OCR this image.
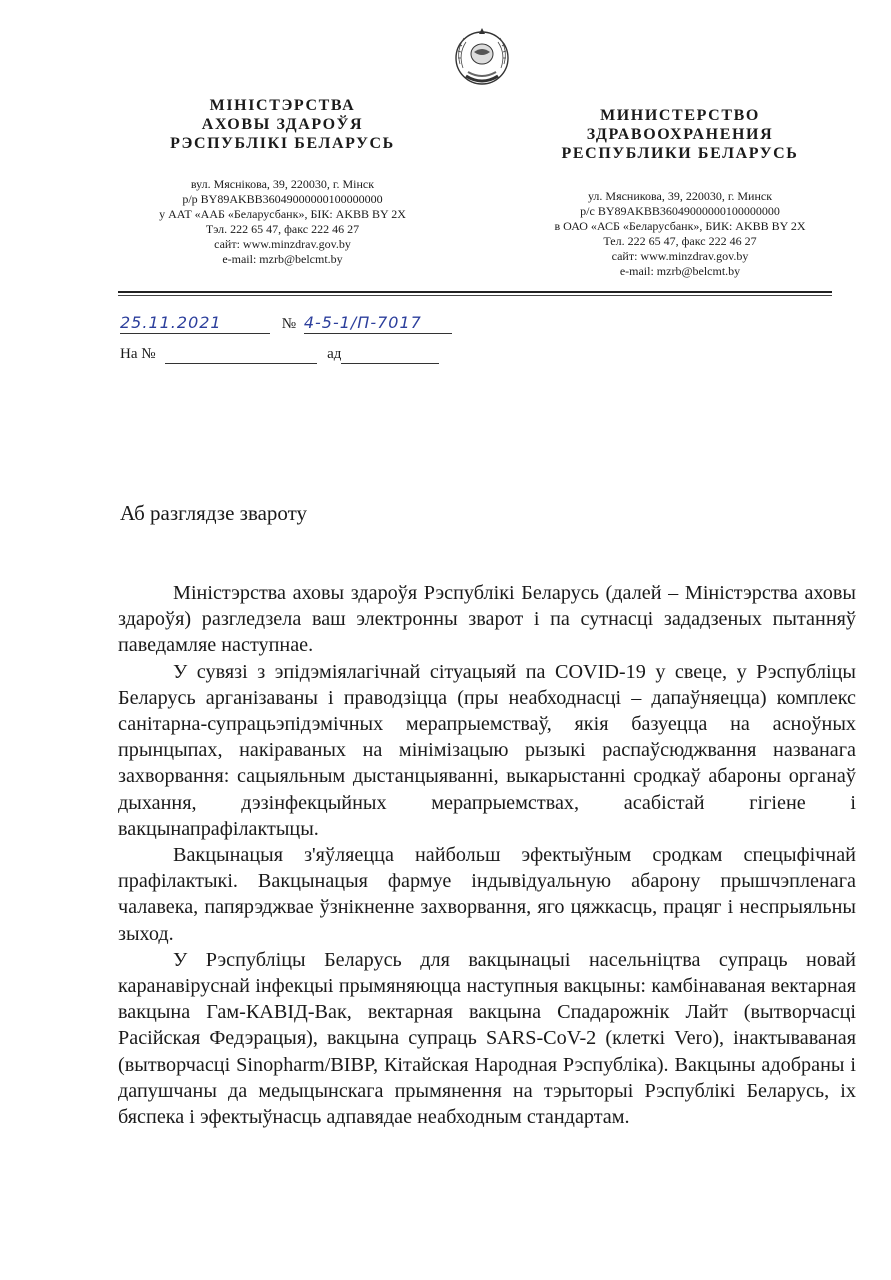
МІНІСТЭРСТВА
АХОВЫ ЗДАРОЎЯ
РЭСПУБЛІКІ БЕЛАРУСЬ

вул. Мяснікова, 39, 220030, г. Мінск
р/р BY89AKBB36049000000100000000
у ААТ «ААБ «Беларусбанк», БІК: AKBB BY 2X
Тэл. 222 65 47, факс 222 46 27
сайт: www.minzdrav.gov.by
e-mail: mzrb@belcmt.by

МИНИСТЕРСТВО
ЗДРАВООХРАНЕНИЯ
РЕСПУБЛИКИ БЕЛАРУСЬ

ул. Мясникова, 39, 220030, г. Минск
р/с BY89AKBB36049000000100000000
в ОАО «АСБ «Беларусбанк», БИК: AKBB BY 2X
Тел. 222 65 47, факс 222 46 27
сайт: www.minzdrav.gov.by
e-mail: mzrb@belcmt.by
25.11.2021	№ 4-5-1/П-7017
На №	ад
Аб разглядзе звароту

Міністэрства аховы здароўя Рэспублікі Беларусь (далей – Міністэрства аховы здароўя) разгледзела ваш электронны зварот і па сутнасці зададзеных пытанняў паведамляе наступнае.

У сувязі з эпідэміялагічнай сітуацыяй па COVID-19 у свеце, у Рэспубліцы Беларусь арганізаваны і праводзіцца (пры неабходнасці – дапаўняецца) комплекс санітарна-супрацьэпідэмічных мерапрыемстваў, якія базуецца на асноўных прынцыпах, накіраваных на мінімізацыю рызыкі распаўсюджвання названага захворвання: сацыяльным дыстанцыяванні, выкарыстанні сродкаў абароны органаў дыхання, дэзінфекцыйных мерапрыемствах, асабістай гігіене і вакцынапрафілактыцы.

Вакцынацыя з'яўляецца найбольш эфектыўным сродкам спецыфічнай прафілактыкі. Вакцынацыя фармуе індывідуальную абарону прышчэпленага чалавека, папярэджвае ўзнікненне захворвання, яго цяжкасць, працяг і неспрыяльны зыход.

У Рэспубліцы Беларусь для вакцынацыі насельніцтва супраць новай каранавіруснай інфекцыі прымяняюцца наступныя вакцыны: камбінаваная вектарная вакцына Гам-КАВІД-Вак, вектарная вакцына Спадарожнік Лайт (вытворчасці Расійская Федэрацыя), вакцына супраць SARS-CoV-2 (клеткі Vero), інактываваная (вытворчасці Sinopharm/BIBP, Кітайская Народная Рэспубліка). Вакцыны адобраны і дапушчаны да медыцынскага прымянення на тэрыторыі Рэспублікі Беларусь, іх бяспека і эфектыўнасць адпавядае неабходным стандартам.
